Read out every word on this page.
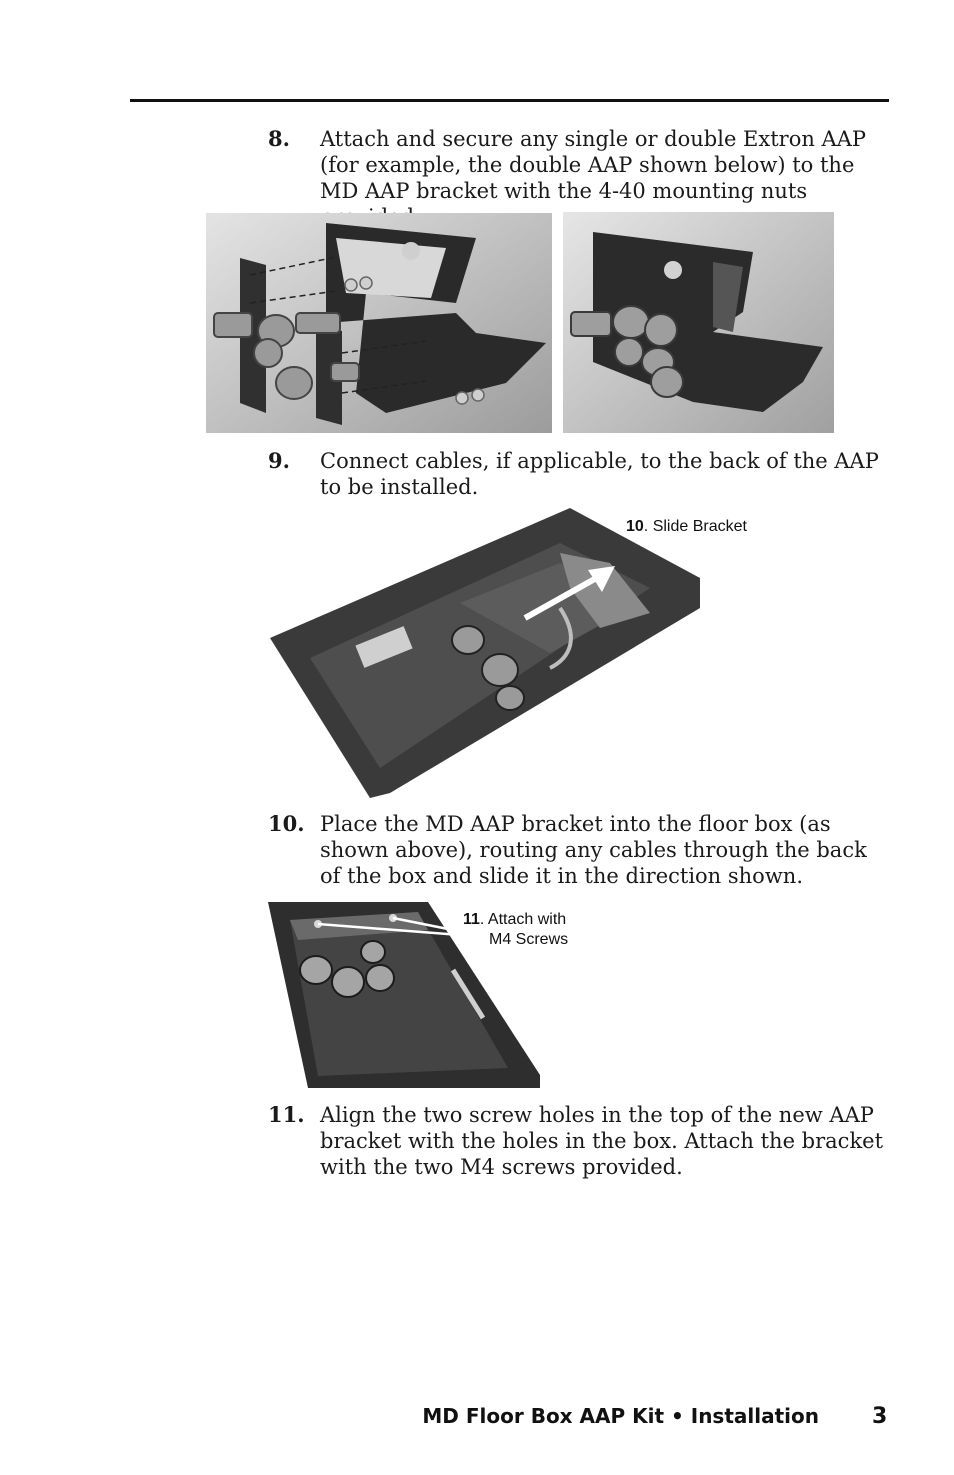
8. Attach and secure any single or double Extron AAP (for example, the double AAP shown below) to the MD AAP bracket with the 4-40 mounting nuts
9. Connect cables, if applicable, to the back of the AAP to be installed.
10. Slide Bracket
10. Place the MD AAP bracket into the floor box (as shown above), routing any cables through the back of the box and slide it in the direction shown.
11. Attach with
M4 Screws
11. Align the two screw holes in the top of the new AAP bracket with the holes in the box. Attach the bracket with the two M4 screws provided.
MD Floor Box AAP Kit • Installation 3
